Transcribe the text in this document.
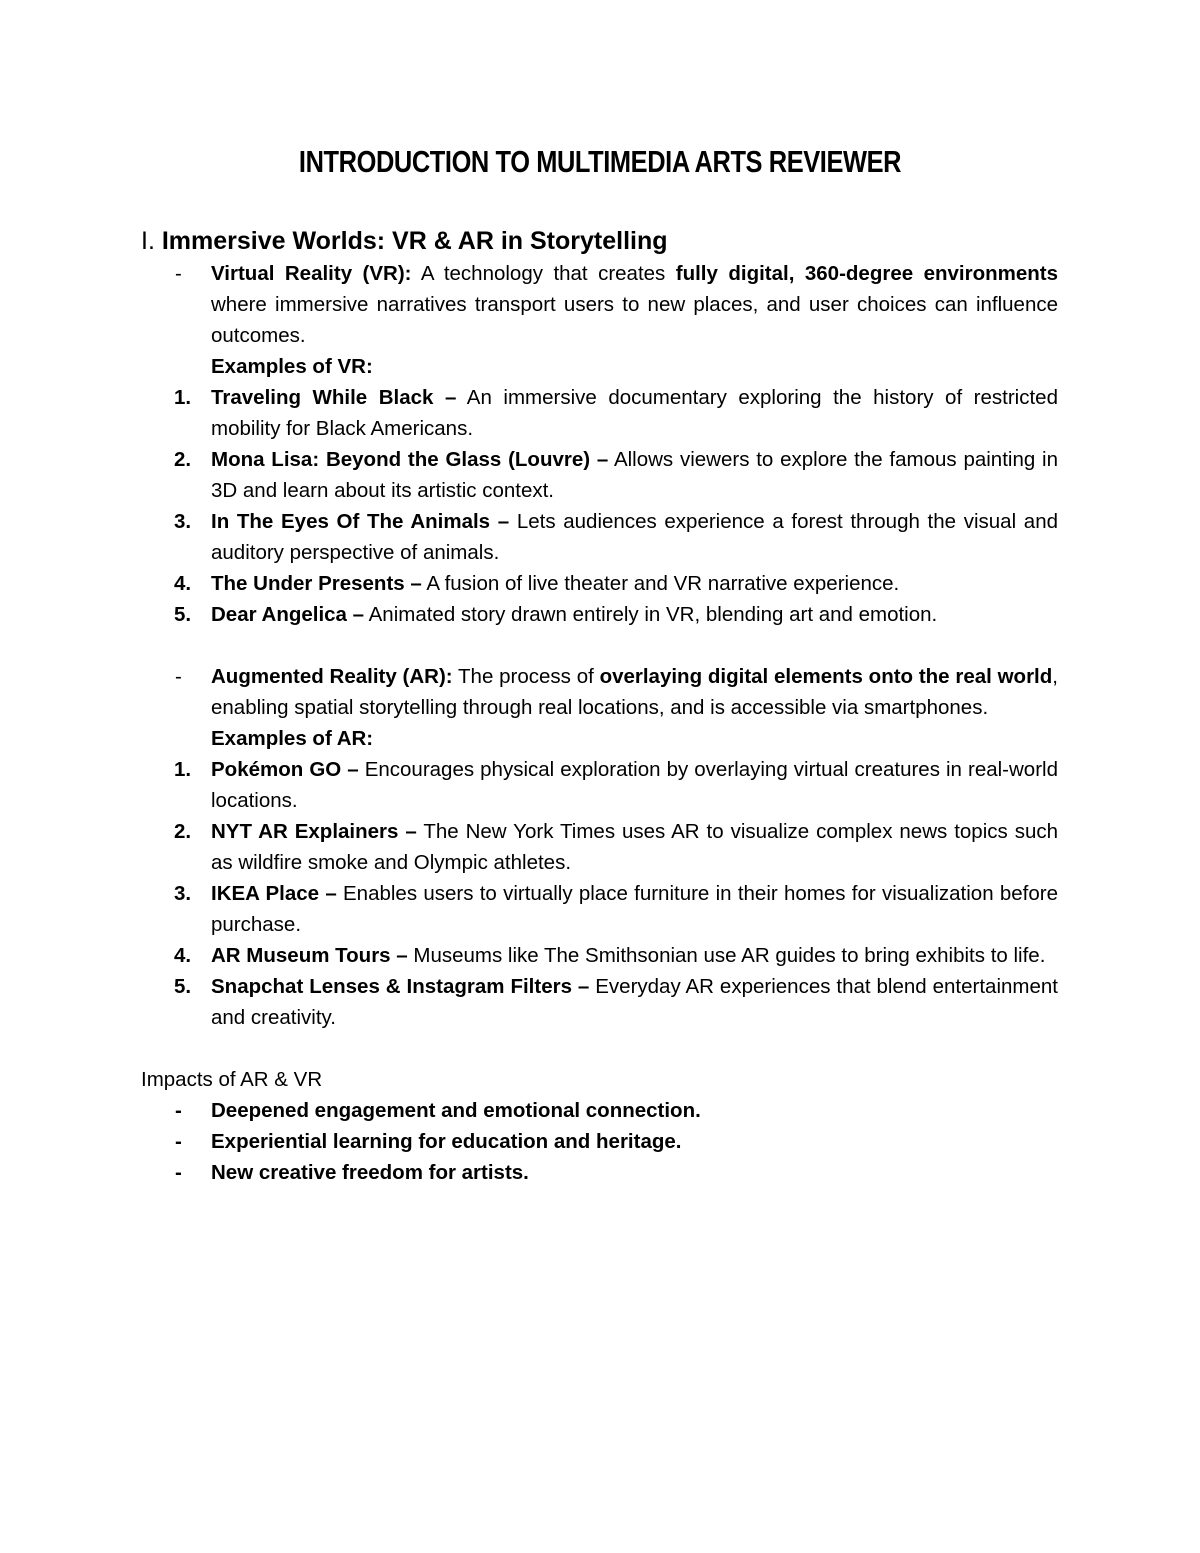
INTRODUCTION TO MULTIMEDIA ARTS REVIEWER
I. Immersive Worlds: VR & AR in Storytelling
-	Virtual Reality (VR): A technology that creates fully digital, 360-degree environments where immersive narratives transport users to new places, and user choices can influence outcomes.
Examples of VR:
1. Traveling While Black – An immersive documentary exploring the history of restricted mobility for Black Americans.
2. Mona Lisa: Beyond the Glass (Louvre) – Allows viewers to explore the famous painting in 3D and learn about its artistic context.
3. In The Eyes Of The Animals – Lets audiences experience a forest through the visual and auditory perspective of animals.
4. The Under Presents – A fusion of live theater and VR narrative experience.
5. Dear Angelica – Animated story drawn entirely in VR, blending art and emotion.
-	Augmented Reality (AR): The process of overlaying digital elements onto the real world, enabling spatial storytelling through real locations, and is accessible via smartphones.
Examples of AR:
1. Pokémon GO – Encourages physical exploration by overlaying virtual creatures in real-world locations.
2. NYT AR Explainers – The New York Times uses AR to visualize complex news topics such as wildfire smoke and Olympic athletes.
3. IKEA Place – Enables users to virtually place furniture in their homes for visualization before purchase.
4. AR Museum Tours – Museums like The Smithsonian use AR guides to bring exhibits to life.
5. Snapchat Lenses & Instagram Filters – Everyday AR experiences that blend entertainment and creativity.
Impacts of AR & VR
-	Deepened engagement and emotional connection.
-	Experiential learning for education and heritage.
-	New creative freedom for artists.
